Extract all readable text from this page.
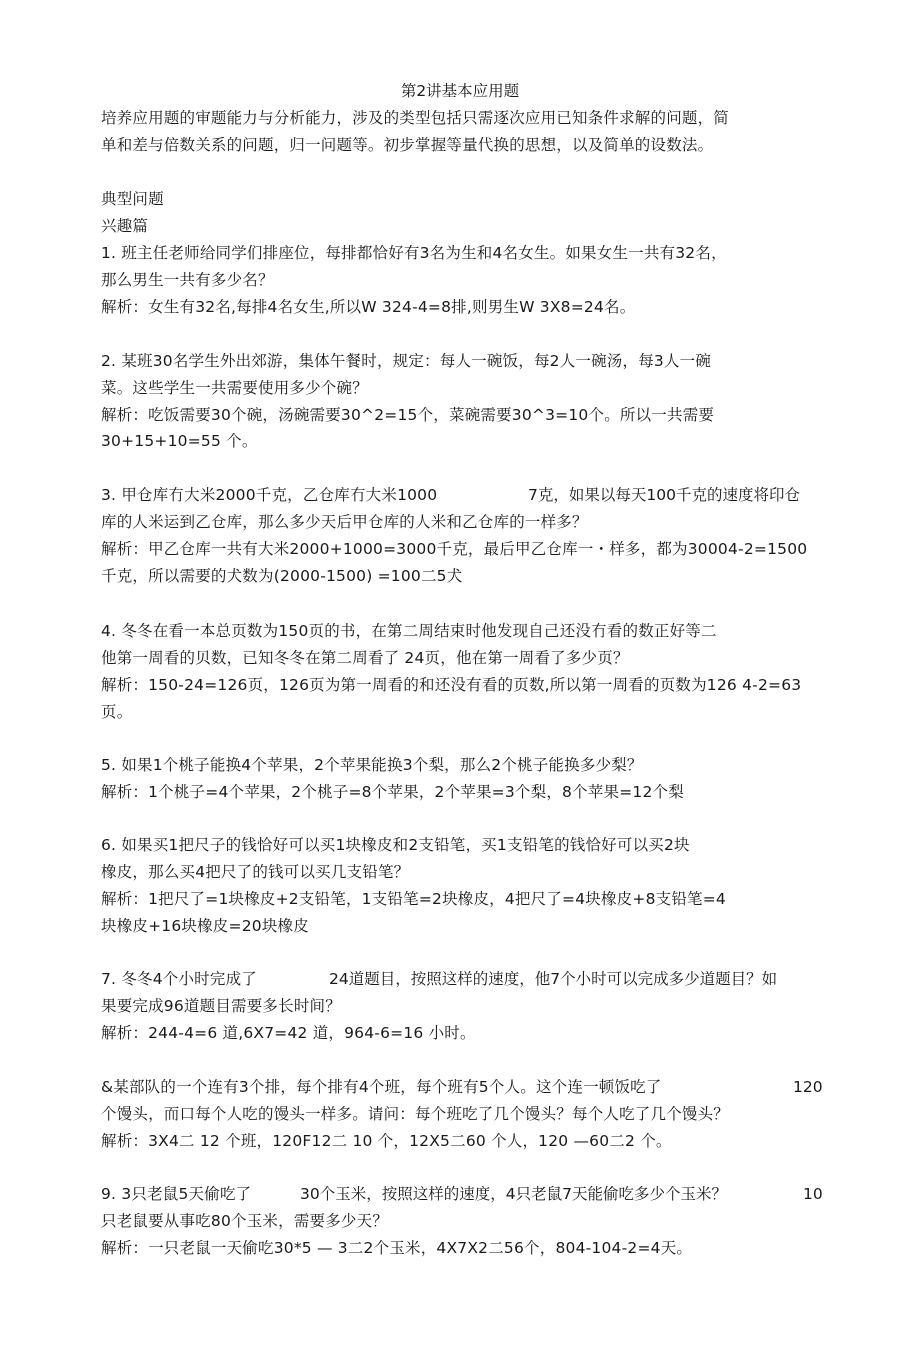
第2讲基本应用题
培养应用题的审题能力与分析能力，涉及的类型包括只需逐次应用已知条件求解的问题，简
单和差与倍数关系的问题，归一问题等。初步掌握等量代换的思想，以及简单的设数法。
典型问题
兴趣篇
1. 班主任老师给同学们排座位，每排都恰好有3名为生和4名女生。如果女生一共有32名，
那么男生一共有多少名？
解析：女生有32名,每排4名女生,所以W 324-4=8排,则男生W 3X8=24名。
2. 某班30名学生外出郊游，集体午餐时，规定：每人一碗饭，每2人一碗汤，每3人一碗
菜。这些学生一共需要使用多少个碗？
解析：吃饭需要30个碗，汤碗需要30^2=15个，菜碗需要30^3=10个。所以一共需要
30+15+10=55 个。
3. 甲仓库冇大米2000千克，乙仓库冇大米1000	7克，如果以每天100千克的速度将印仓
库的人米运到乙仓库，那么多少天后甲仓库的人米和乙仓库的一样多？
解析：甲乙仓库一共有大米2000+1000=3000千克，最后甲乙仓库一・样多，都为30004-2=1500
千克，所以需要的犬数为(2000-1500) =100二5犬
4. 冬冬在看一本总页数为150页的书，在第二周结束时他发现自己还没冇看的数正好等二
他第一周看的贝数，已知冬冬在第二周看了 24页，他在第一周看了多少页？
解析：150-24=126页，126页为第一周看的和还没有看的页数,所以第一周看的页数为126 4-2=63
页。
5. 如果1个桃子能换4个苹果，2个苹果能换3个梨，那么2个桃子能换多少梨？
解析：1个桃子=4个苹果，2个桃子=8个苹果，2个苹果=3个梨，8个苹果=12个梨
6. 如果买1把尺子的钱恰好可以买1块橡皮和2支铅笔，买1支铅笔的钱恰好可以买2块
橡皮，那么买4把尺了的钱可以买几支铅笔？
解析：1把尺了=1块橡皮+2支铅笔，1支铅笔=2块橡皮，4把尺了=4块橡皮+8支铅笔=4
块橡皮+16块橡皮=20块橡皮
7. 冬冬4个小时完成了	24道题目，按照这样的速度，他7个小时可以完成多少道题目？如
果要完成96道题目需要多长时间？
解析：244-4=6 道,6X7=42 道，964-6=16 小时。
&某部队的一个连有3个排，每个排有4个班，每个班有5个人。这个连一顿饭吃了	120
个馒头，而口每个人吃的馒头一样多。请问：每个班吃了几个馒头？每个人吃了几个馒头？
解析：3X4二 12 个班，120F12二 10 个，12X5二60 个人，120 —60二2 个。
9. 3只老鼠5天偷吃了	30个玉米，按照这样的速度，4只老鼠7天能偷吃多少个玉米？	10
只老鼠要从事吃80个玉米，需要多少天？
解析：一只老鼠一天偷吃30*5 — 3二2个玉米，4X7X2二56个，804-104-2=4天。
